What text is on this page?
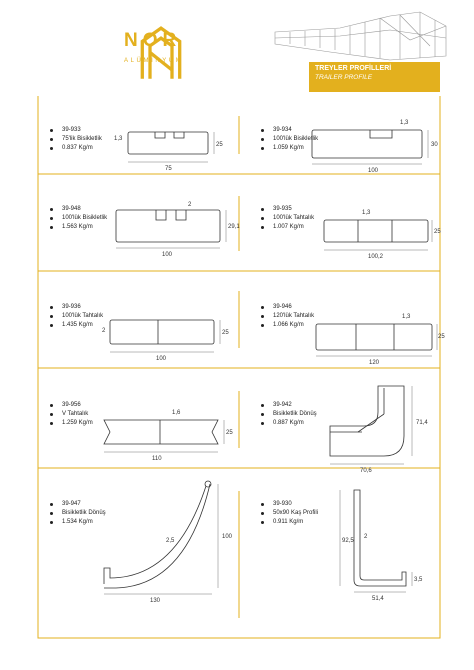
NOR
ALÜMİNYUM
TREYLER PROFİLLERİ
TRAILER PROFILE
39-933
75'lik Bisikletlik
0.837 Kg/m
39-934
100'lük Bisikletlik
1.059 Kg/m
39-948
100'lük Bisikletlik
1.563 Kg/m
39-935
100'lük Tahtalık
1.007 Kg/m
39-936
100'lük Tahtalık
1.435 Kg/m
39-946
120'lük Tahtalık
1.066 Kg/m
39-956
V Tahtalık
1.259 Kg/m
39-942
Bisikletlik Dönüş
0.887 Kg/m
39-947
Bisikletlik Dönüş
1.534 Kg/m
39-930
50x90 Kaş Profili
0.911 Kg/m
75
25
1,3
100
30
1,3
100
29,1
2
100,2
25
1,3
100
25
2
120
25
1,3
110
25
1,6
70,6
71,4
130
100
2,5
51,4
92,5
2
3,5
